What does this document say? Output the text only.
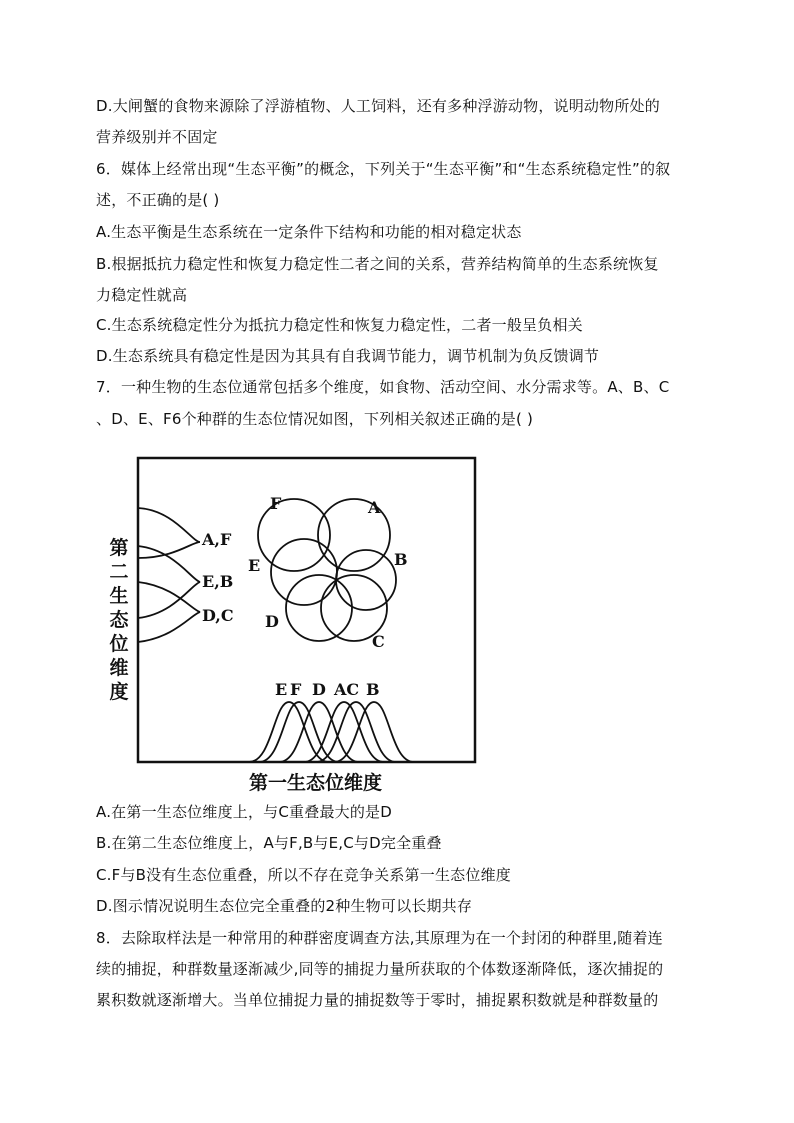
D.大闸蟹的食物来源除了浮游植物、人工饲料，还有多种浮游动物，说明动物所处的
营养级别并不固定
6．媒体上经常出现“生态平衡”的概念，下列关于“生态平衡”和“生态系统稳定性”的叙
述，不正确的是( )
A.生态平衡是生态系统在一定条件下结构和功能的相对稳定状态
B.根据抵抗力稳定性和恢复力稳定性二者之间的关系，营养结构简单的生态系统恢复
力稳定性就高
C.生态系统稳定性分为抵抗力稳定性和恢复力稳定性，二者一般呈负相关
D.生态系统具有稳定性是因为其具有自我调节能力，调节机制为负反馈调节
7．一种生物的生态位通常包括多个维度，如食物、活动空间、水分需求等。A、B、C
、D、E、F6个种群的生态位情况如图，下列相关叙述正确的是( )
第二生态位维度
第一生态位维度
A,F
E,B
D,C
F	A
E	B
D
C
E F D AC B
A.在第一生态位维度上，与C重叠最大的是D
B.在第二生态位维度上，A与F,B与E,C与D完全重叠
C.F与B没有生态位重叠，所以不存在竞争关系第一生态位维度
D.图示情况说明生态位完全重叠的2种生物可以长期共存
8．去除取样法是一种常用的种群密度调查方法,其原理为在一个封闭的种群里,随着连
续的捕捉，种群数量逐渐减少,同等的捕捉力量所获取的个体数逐渐降低，逐次捕捉的
累积数就逐渐增大。当单位捕捉力量的捕捉数等于零时，捕捉累积数就是种群数量的
